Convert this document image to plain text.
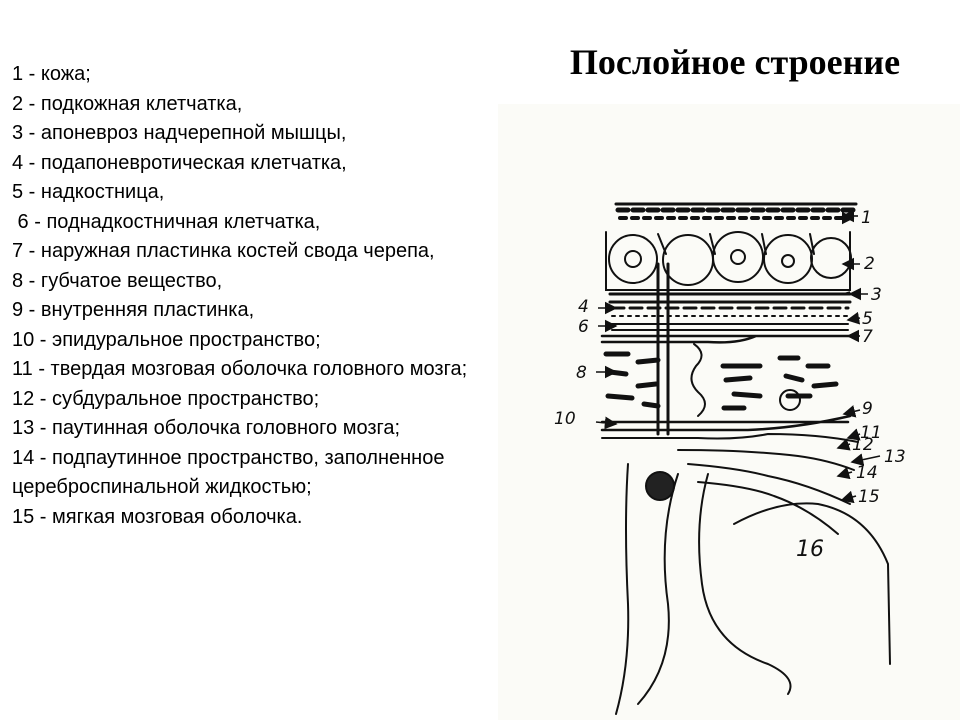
Послойное строение

1 - кожа;
2 - подкожная клетчатка,
3 - апоневроз надчерепной мышцы,
4 - подапоневротическая клетчатка,
5 - надкостница,
6 - поднадкостничная клетчатка,
7 - наружная пластинка костей свода черепа,
8 - губчатое вещество,
9 - внутренняя пластинка,
10 - эпидуральное пространство;
11 - твердая мозговая оболочка головного мозга;
12 - субдуральное пространство;
13 - паутинная оболочка головного мозга;
14 - подпаутинное пространство, заполненное цереброспинальной жидкостью;
15 - мягкая мозговая оболочка.
1
2
3
4
5
6	7
8
9
10
11
12
13
14
15
16
